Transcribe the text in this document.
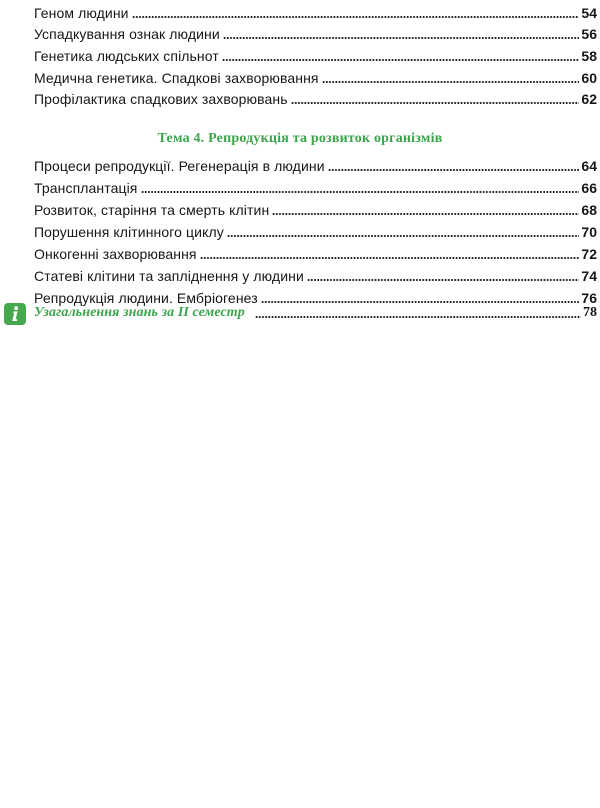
Геном людини	54
Успадкування ознак людини	56
Генетика людських спільнот	58
Медична генетика. Спадкові захворювання	60
Профілактика спадкових захворювань	62
Тема 4. Репродукція та розвиток організмів
Процеси репродукції. Регенерація в людини	64
Трансплантація	66
Розвиток, старіння та смерть клітин	68
Порушення клітинного циклу	70
Онкогенні захворювання	72
Статеві клітини та запліднення у людини	74
Репродукція людини. Ембріогенез	76
Узагальнення знань за ІІ семестр	78
